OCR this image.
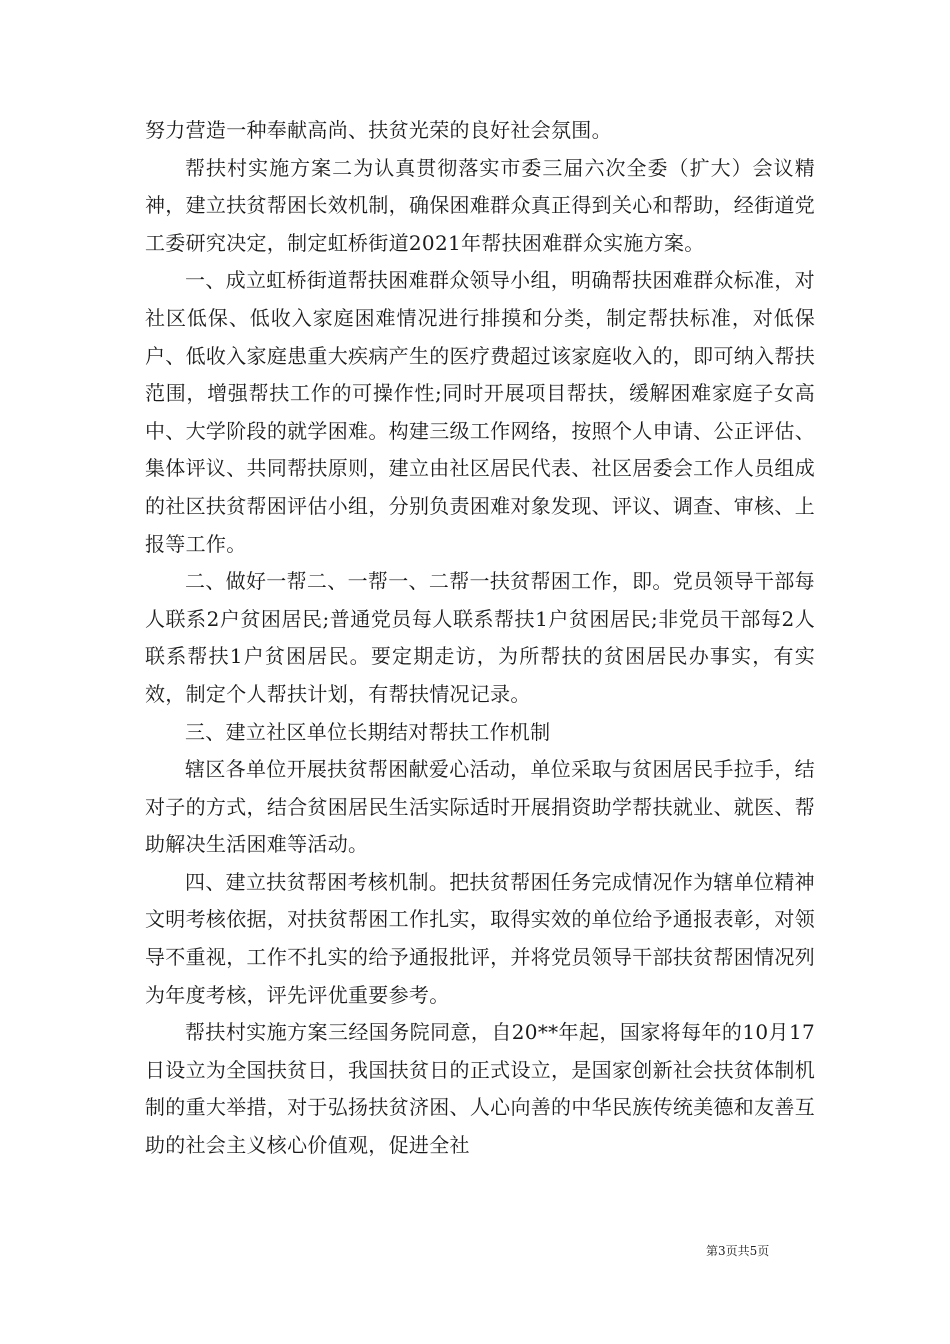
努力营造一种奉献高尚、扶贫光荣的良好社会氛围。

帮扶村实施方案二为认真贯彻落实市委三届六次全委（扩大）会议精神，建立扶贫帮困长效机制，确保困难群众真正得到关心和帮助，经街道党工委研究决定，制定虹桥街道2021年帮扶困难群众实施方案。

一、成立虹桥街道帮扶困难群众领导小组，明确帮扶困难群众标准，对社区低保、低收入家庭困难情况进行排摸和分类，制定帮扶标准，对低保户、低收入家庭患重大疾病产生的医疗费超过该家庭收入的，即可纳入帮扶范围，增强帮扶工作的可操作性;同时开展项目帮扶，缓解困难家庭子女高中、大学阶段的就学困难。构建三级工作网络，按照个人申请、公正评估、集体评议、共同帮扶原则，建立由社区居民代表、社区居委会工作人员组成的社区扶贫帮困评估小组，分别负责困难对象发现、评议、调查、审核、上报等工作。

二、做好一帮二、一帮一、二帮一扶贫帮困工作，即。党员领导干部每人联系2户贫困居民;普通党员每人联系帮扶1户贫困居民;非党员干部每2人联系帮扶1户贫困居民。要定期走访，为所帮扶的贫困居民办事实，有实效，制定个人帮扶计划，有帮扶情况记录。

三、建立社区单位长期结对帮扶工作机制

辖区各单位开展扶贫帮困献爱心活动，单位采取与贫困居民手拉手，结对子的方式，结合贫困居民生活实际适时开展捐资助学帮扶就业、就医、帮助解决生活困难等活动。

四、建立扶贫帮困考核机制。把扶贫帮困任务完成情况作为辖单位精神文明考核依据，对扶贫帮困工作扎实，取得实效的单位给予通报表彰，对领导不重视，工作不扎实的给予通报批评，并将党员领导干部扶贫帮困情况列为年度考核，评先评优重要参考。

帮扶村实施方案三经国务院同意，自20**年起，国家将每年的10月17日设立为全国扶贫日，我国扶贫日的正式设立，是国家创新社会扶贫体制机制的重大举措，对于弘扬扶贫济困、人心向善的中华民族传统美德和友善互助的社会主义核心价值观，促进全社

第3页共5页
